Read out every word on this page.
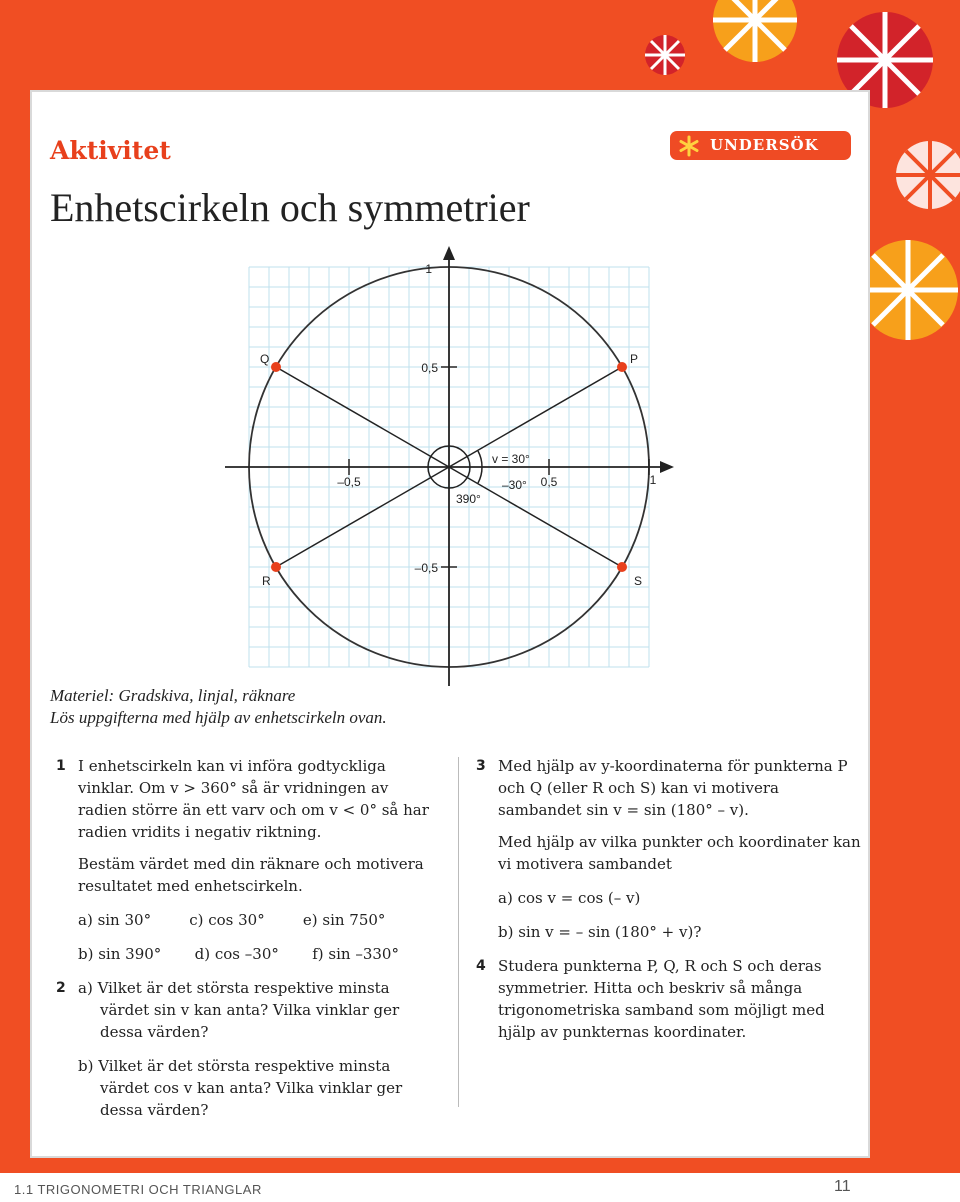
Aktivitet	UNDERSÖK
Enhetscirkeln och symmetrier
1
0,5
–0,5
–0,5	0,5	1
P
Q
R	S
v = 30°
–30°
390°
Materiel: Gradskiva, linjal, räknare
Lös uppgifterna med hjälp av enhetscirkeln ovan.
1 I enhetscirkeln kan vi införa godtyckliga vinklar. Om v > 360° så är vridningen av radien större än ett varv och om v < 0° så har radien vridits i negativ riktning.

Bestäm värdet med din räknare och motivera resultatet med enhetscirkeln.

a) sin 30°        c) cos 30°        e) sin 750°

b) sin 390°       d) cos –30°       f) sin –330°

2 a) Vilket är det största respektive minsta värdet sin v kan anta? Vilka vinklar ger dessa värden?

b) Vilket är det största respektive minsta värdet cos v kan anta? Vilka vinklar ger dessa värden?

3 Med hjälp av y-koordinaterna för punkterna P och Q (eller R och S) kan vi motivera sambandet sin v = sin (180° – v).

Med hjälp av vilka punkter och koordinater kan vi motivera sambandet

a) cos v = cos (– v)

b) sin v = – sin (180° + v)?

4 Studera punkterna P, Q, R och S och deras symmetrier. Hitta och beskriv så många trigonometriska samband som möjligt med hjälp av punkternas koordinater.
1.1 TRIGONOMETRI OCH TRIANGLAR	11
